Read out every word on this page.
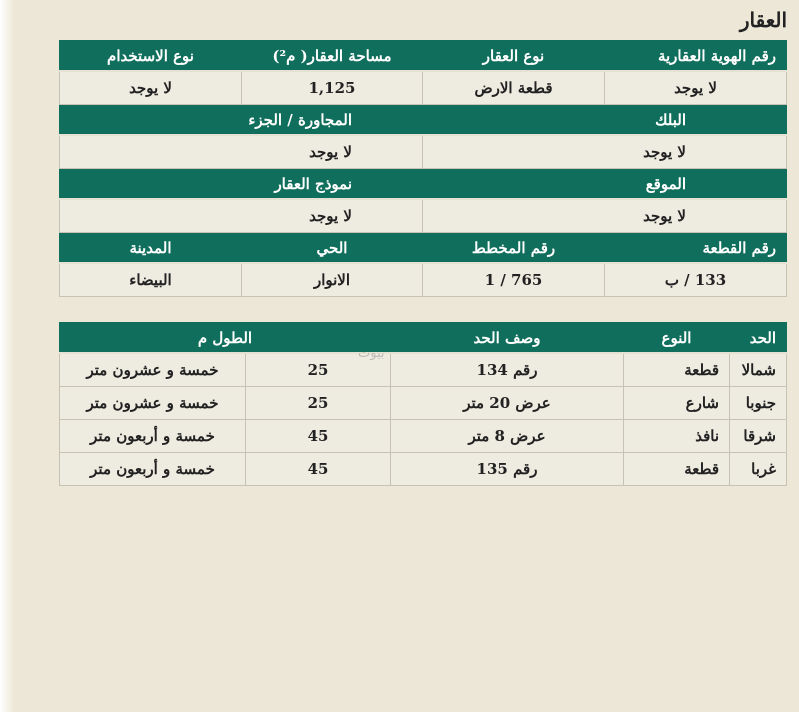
العقار
رقم الهوية العقارية	نوع العقار	مساحة العقار( م²)	نوع الاستخدام
لا يوجد	قطعة الارض	1,125	لا يوجد
البلك		المجاورة / الجزء	
لا يوجد		لا يوجد	
الموقع		نموذج العقار	
لا يوجد		لا يوجد	
رقم القطعة	رقم المخطط	الحي	المدينة
133 / ب	765 / 1	الانوار	البيضاء
الحد	النوع	وصف الحد	الطول م	
شمالا	قطعة	رقم 134	25	خمسة و عشرون متر
جنوبا	شارع	عرض 20 متر	25	خمسة و عشرون متر
شرقا	نافذ	عرض 8 متر	45	خمسة و أربعون متر
غربا	قطعة	رقم 135	45	خمسة و أربعون متر
بيوت
